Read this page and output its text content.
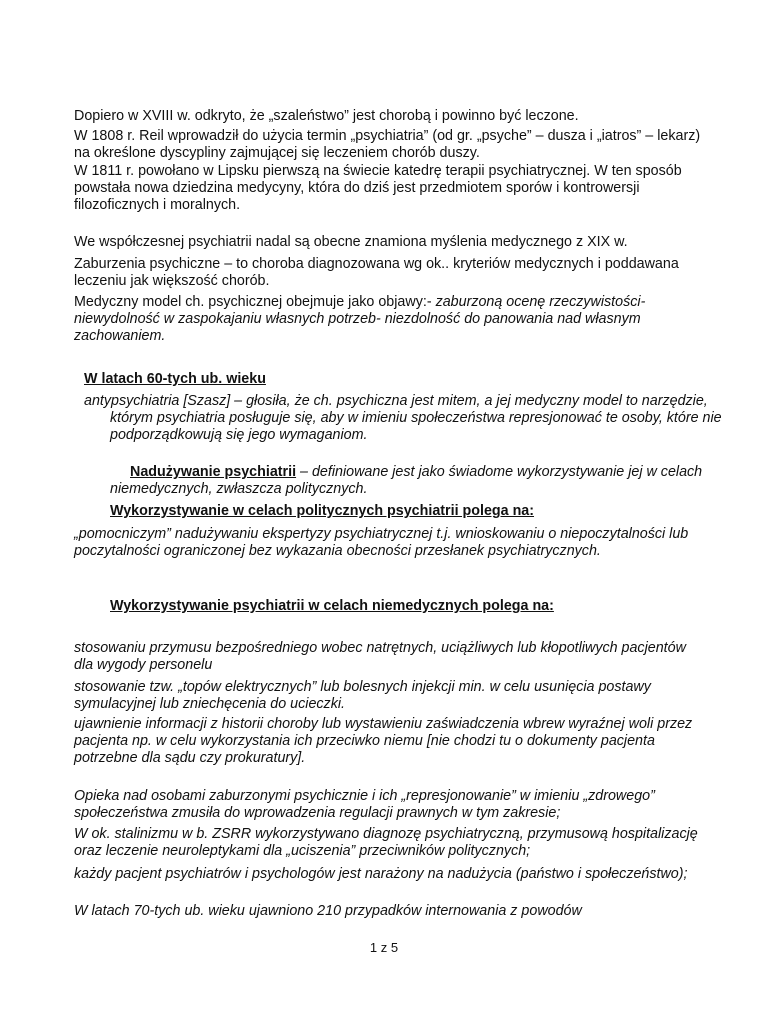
Dopiero w XVIII w. odkryto, że „szaleństwo” jest chorobą i powinno być leczone.

W 1808 r. Reil wprowadził do użycia termin „psychiatria” (od gr. „psyche” – dusza i „iatros” – lekarz) na określone dyscypliny zajmującej się leczeniem chorób duszy.

W 1811 r. powołano w Lipsku pierwszą na świecie katedrę terapii psychiatrycznej. W ten sposób powstała nowa dziedzina medycyny, która do dziś jest przedmiotem sporów i kontrowersji filozoficznych i moralnych.

We współczesnej psychiatrii nadal są obecne znamiona myślenia medycznego z XIX w.

Zaburzenia psychiczne – to choroba diagnozowana wg ok.. kryteriów medycznych i poddawana leczeniu jak większość chorób.

Medyczny model ch. psychicznej obejmuje jako objawy:- zaburzoną ocenę rzeczywistości- niewydolność w zaspokajaniu własnych potrzeb- niezdolność do panowania nad własnym zachowaniem.

W latach 60-tych ub. wieku

antypsychiatria [Szasz] – głosiła, że ch. psychiczna jest mitem, a jej medyczny model to narzędzie, którym psychiatria posługuje się, aby w imieniu społeczeństwa represjonować te osoby, które nie podporządkowują się jego wymaganiom.

Nadużywanie psychiatrii – definiowane jest jako świadome wykorzystywanie jej w celach niemedycznych, zwłaszcza politycznych.

Wykorzystywanie w celach politycznych psychiatrii polega na:

„pomocniczym” nadużywaniu ekspertyzy psychiatrycznej t.j. wnioskowaniu o niepoczytalności lub poczytalności ograniczonej bez wykazania obecności przesłanek psychiatrycznych.

Wykorzystywanie psychiatrii w celach niemedycznych polega na:

stosowaniu przymusu bezpośredniego wobec natrętnych, uciążliwych lub kłopotliwych pacjentów dla wygody personelu

stosowanie tzw. „topów elektrycznych” lub bolesnych injekcji min. w celu usunięcia postawy symulacyjnej lub zniechęcenia do ucieczki.

ujawnienie informacji z historii choroby lub wystawieniu zaświadczenia wbrew wyraźnej woli przez pacjenta np. w celu wykorzystania ich przeciwko niemu [nie chodzi tu o dokumenty pacjenta potrzebne dla sądu czy prokuratury].

Opieka nad osobami zaburzonymi psychicznie i ich „represjonowanie” w imieniu „zdrowego” społeczeństwa zmusiła do wprowadzenia regulacji prawnych w tym zakresie;

W ok. stalinizmu w b. ZSRR wykorzystywano diagnozę psychiatryczną, przymusową hospitalizację oraz leczenie neuroleptykami dla „uciszenia” przeciwników politycznych;

każdy pacjent psychiatrów i psychologów jest narażony na nadużycia (państwo i społeczeństwo);

W latach 70-tych ub. wieku ujawniono 210 przypadków internowania z powodów

1 z 5
